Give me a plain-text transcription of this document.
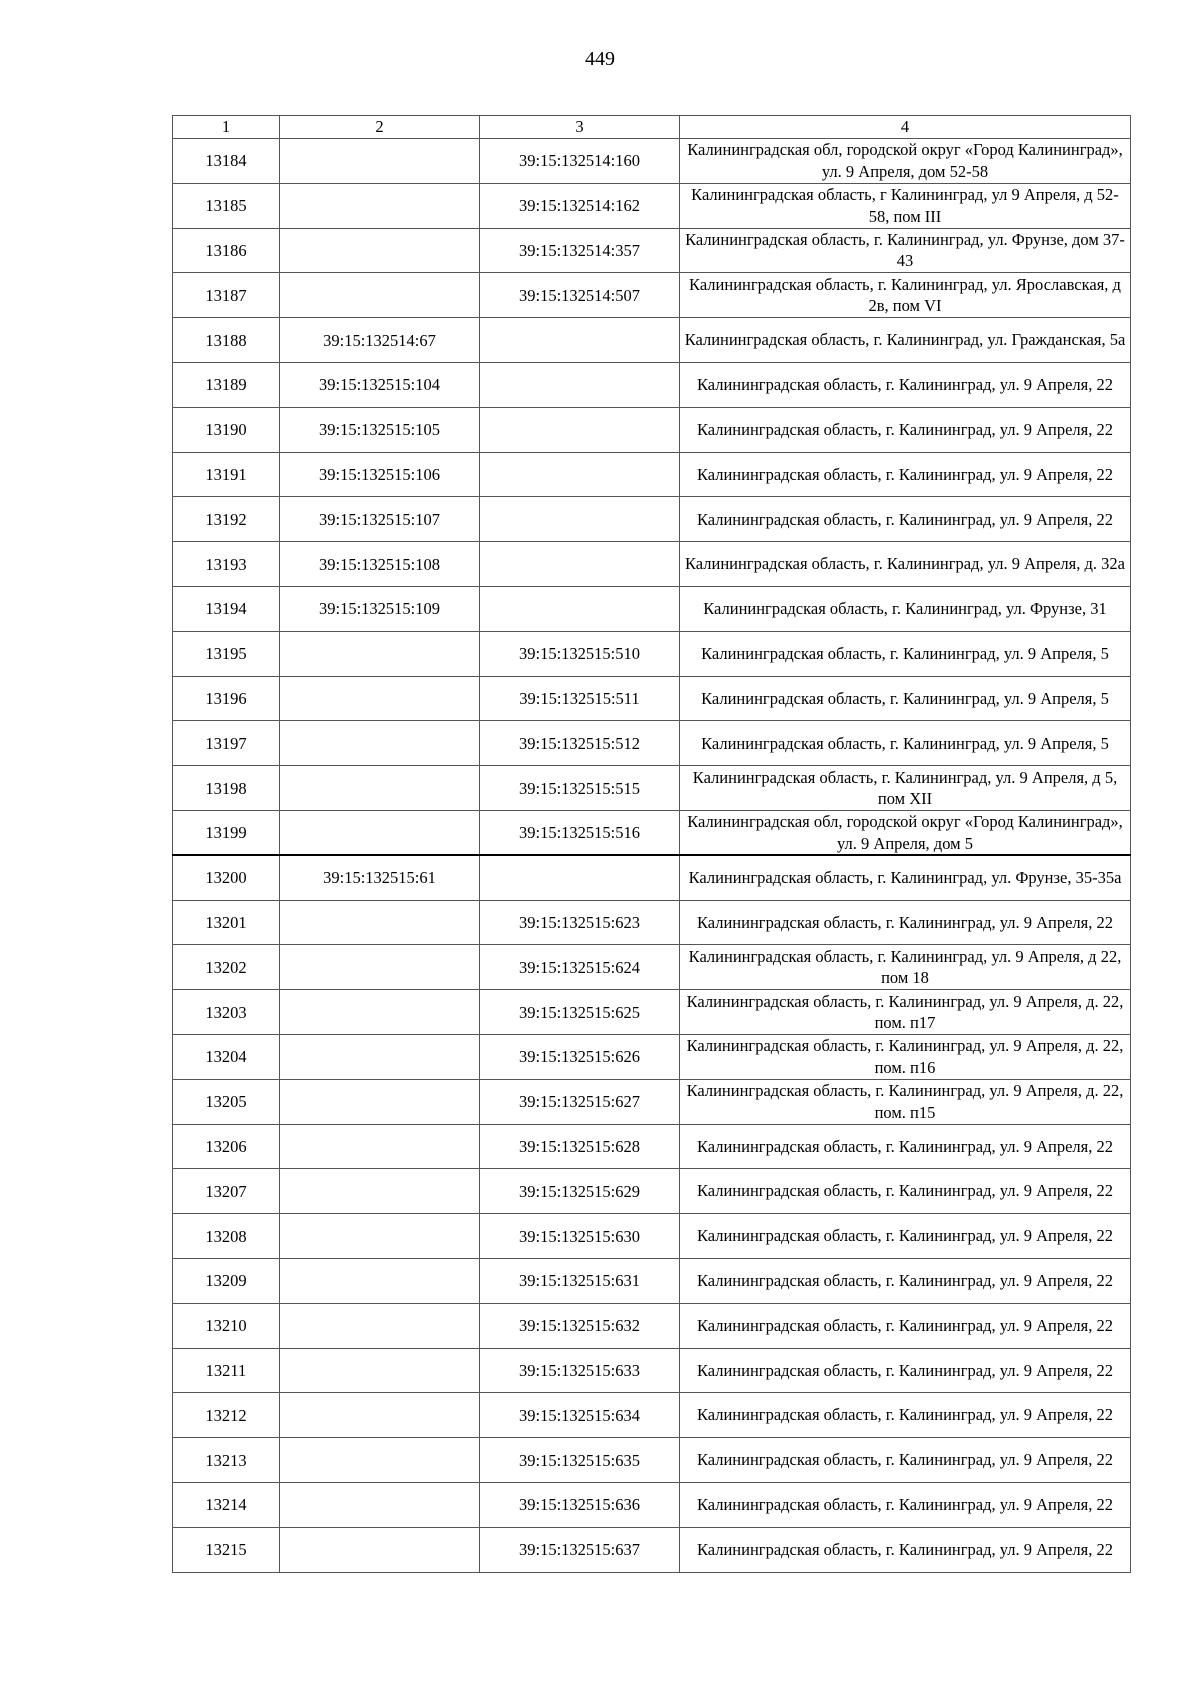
449
1	2	3	4
13184		39:15:132514:160	Калининградская обл, городской округ «Город Калининград», ул. 9 Апреля, дом 52-58
13185		39:15:132514:162	Калининградская область, г Калининград, ул 9 Апреля, д 52-58, пом III
13186		39:15:132514:357	Калининградская область, г. Калининград, ул. Фрунзе, дом 37-43
13187		39:15:132514:507	Калининградская область, г. Калининград, ул. Ярославская, д 2в, пом VI
13188	39:15:132514:67		Калининградская область, г. Калининград, ул. Гражданская, 5а
13189	39:15:132515:104		Калининградская область, г. Калининград, ул. 9 Апреля, 22
13190	39:15:132515:105		Калининградская область, г. Калининград, ул. 9 Апреля, 22
13191	39:15:132515:106		Калининградская область, г. Калининград, ул. 9 Апреля, 22
13192	39:15:132515:107		Калининградская область, г. Калининград, ул. 9 Апреля, 22
13193	39:15:132515:108		Калининградская область, г. Калининград, ул. 9 Апреля, д. 32а
13194	39:15:132515:109		Калининградская область, г. Калининград, ул. Фрунзе, 31
13195		39:15:132515:510	Калининградская область, г. Калининград, ул. 9 Апреля, 5
13196		39:15:132515:511	Калининградская область, г. Калининград, ул. 9 Апреля, 5
13197		39:15:132515:512	Калининградская область, г. Калининград, ул. 9 Апреля, 5
13198		39:15:132515:515	Калининградская область, г. Калининград, ул. 9 Апреля, д 5, пом XII
13199		39:15:132515:516	Калининградская обл, городской округ «Город Калининград», ул. 9 Апреля, дом 5
13200	39:15:132515:61		Калининградская область, г. Калининград, ул. Фрунзе, 35-35а
13201		39:15:132515:623	Калининградская область, г. Калининград, ул. 9 Апреля, 22
13202		39:15:132515:624	Калининградская область, г. Калининград, ул. 9 Апреля, д 22, пом 18
13203		39:15:132515:625	Калининградская область, г. Калининград, ул. 9 Апреля, д. 22, пом. п17
13204		39:15:132515:626	Калининградская область, г. Калининград, ул. 9 Апреля, д. 22, пом. п16
13205		39:15:132515:627	Калининградская область, г. Калининград, ул. 9 Апреля, д. 22, пом. п15
13206		39:15:132515:628	Калининградская область, г. Калининград, ул. 9 Апреля, 22
13207		39:15:132515:629	Калининградская область, г. Калининград, ул. 9 Апреля, 22
13208		39:15:132515:630	Калининградская область, г. Калининград, ул. 9 Апреля, 22
13209		39:15:132515:631	Калининградская область, г. Калининград, ул. 9 Апреля, 22
13210		39:15:132515:632	Калининградская область, г. Калининград, ул. 9 Апреля, 22
13211		39:15:132515:633	Калининградская область, г. Калининград, ул. 9 Апреля, 22
13212		39:15:132515:634	Калининградская область, г. Калининград, ул. 9 Апреля, 22
13213		39:15:132515:635	Калининградская область, г. Калининград, ул. 9 Апреля, 22
13214		39:15:132515:636	Калининградская область, г. Калининград, ул. 9 Апреля, 22
13215		39:15:132515:637	Калининградская область, г. Калининград, ул. 9 Апреля, 22
